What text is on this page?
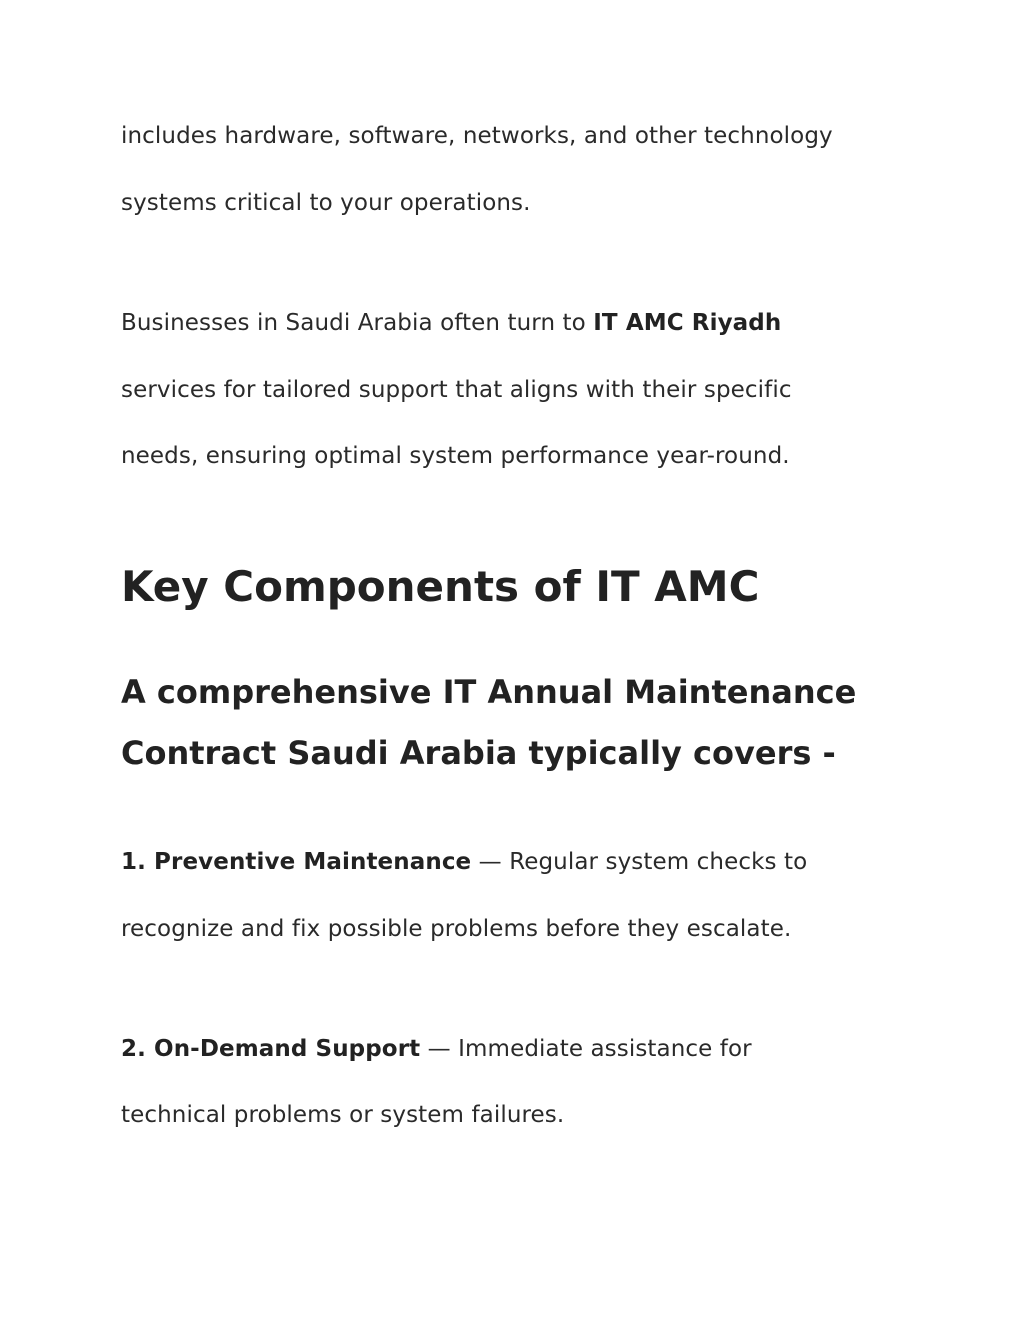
includes hardware, software, networks, and other technology
systems critical to your operations.
Businesses in Saudi Arabia often turn to IT AMC Riyadh
services for tailored support that aligns with their specific
needs, ensuring optimal system performance year-round.
Key Components of IT AMC
A comprehensive IT Annual Maintenance
Contract Saudi Arabia typically covers -
1. Preventive Maintenance — Regular system checks to
recognize and fix possible problems before they escalate.
2. On-Demand Support — Immediate assistance for
technical problems or system failures.
